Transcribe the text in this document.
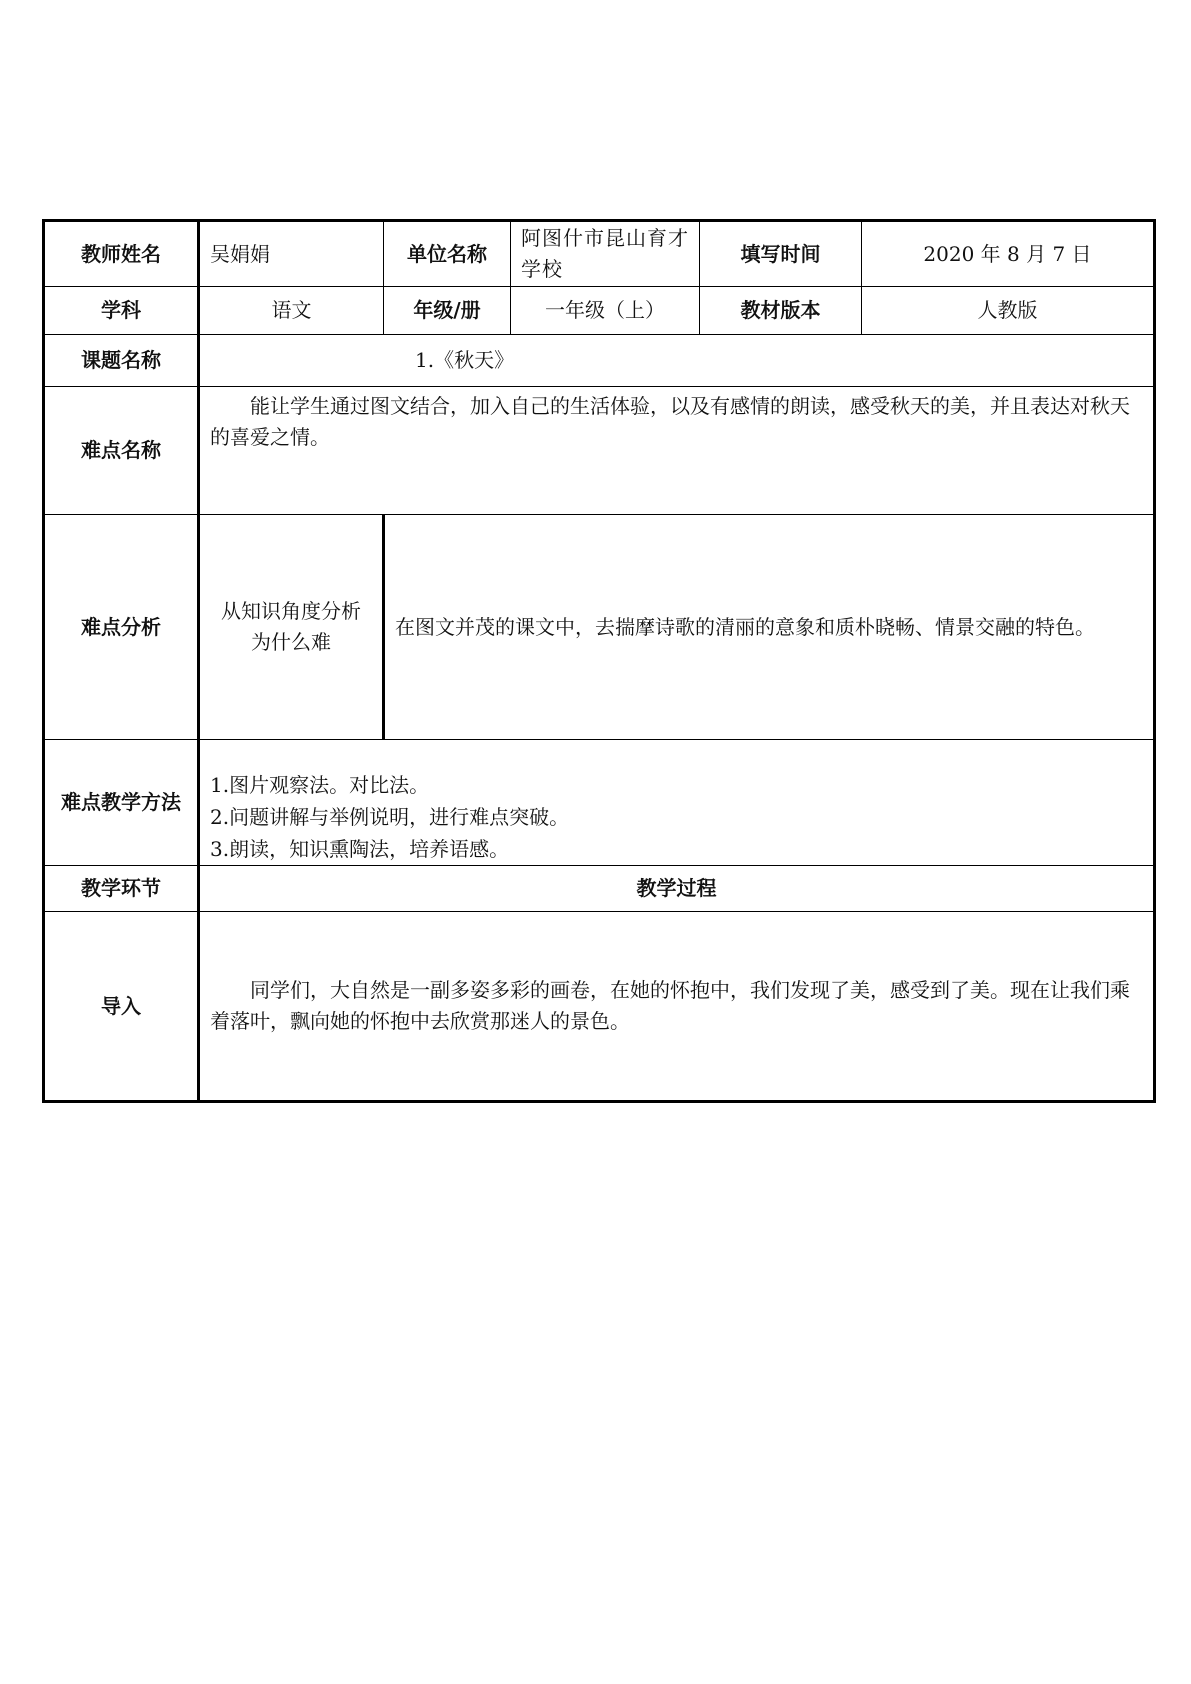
教师姓名	吴娟娟	单位名称	阿图什市昆山育才学校	填写时间	2020 年 8 月 7 日
学科	语文	年级/册	一年级（上）	教材版本	人教版
课题名称	1.《秋天》				
难点名称	能让学生通过图文结合，加入自己的生活体验，以及有感情的朗读，感受秋天的美，并且表达对秋天的喜爱之情。				
难点分析	从知识角度分析为什么难	在图文并茂的课文中，去揣摩诗歌的清丽的意象和质朴晓畅、情景交融的特色。			
难点教学方法	1.图片观察法。对比法。

2.问题讲解与举例说明，进行难点突破。

3.朗读，知识熏陶法，培养语感。				

教学环节	教学过程				
导入	同学们，大自然是一副多姿多彩的画卷，在她的怀抱中，我们发现了美，感受到了美。现在让我们乘着落叶，飘向她的怀抱中去欣赏那迷人的景色。				
